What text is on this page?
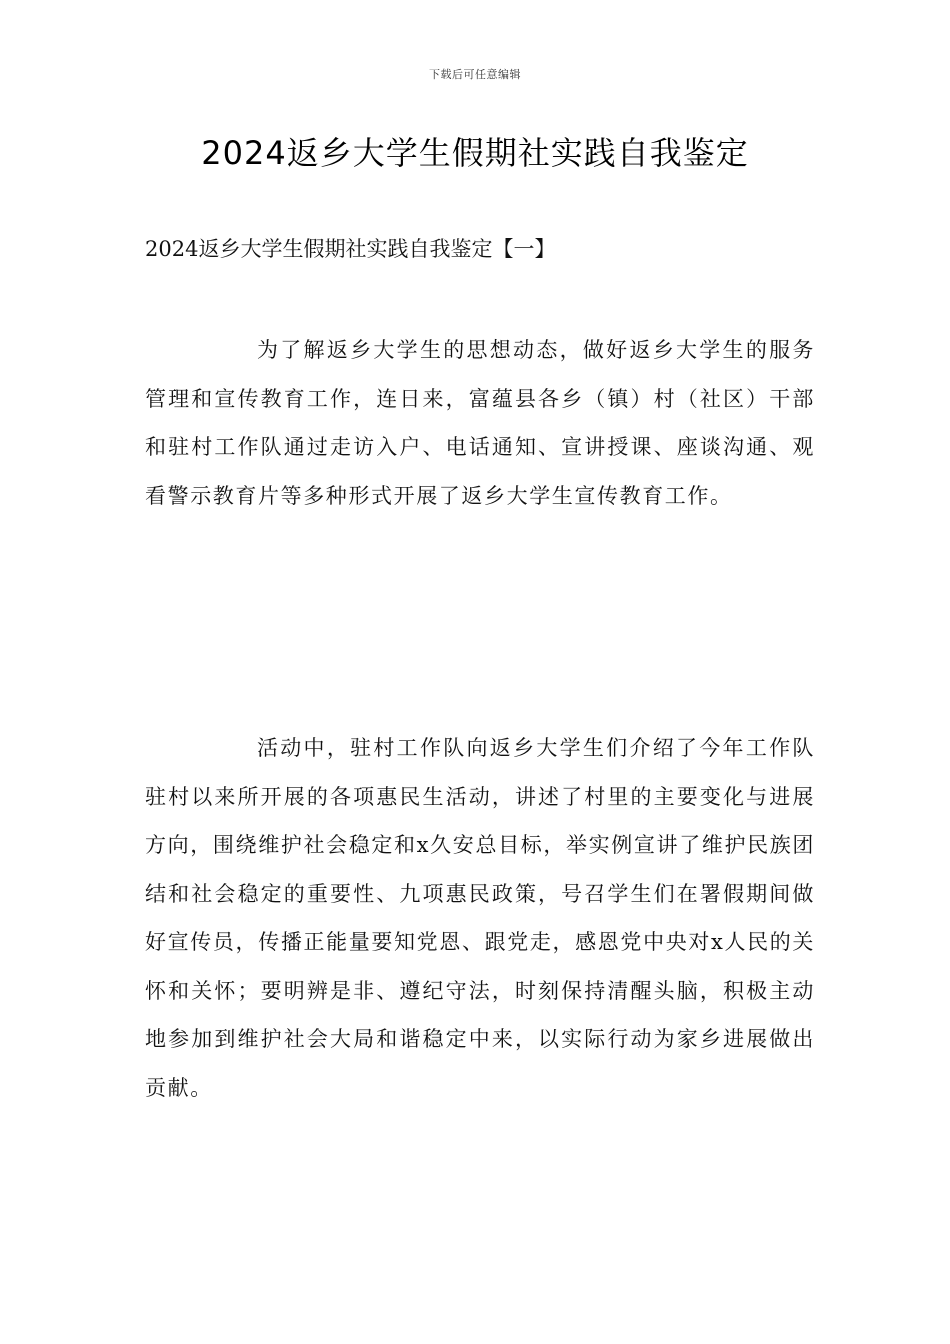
下载后可任意编辑
2024返乡大学生假期社实践自我鉴定
2024返乡大学生假期社实践自我鉴定【一】

为了解返乡大学生的思想动态，做好返乡大学生的服务管理和宣传教育工作，连日来，富蕴县各乡（镇）村（社区）干部和驻村工作队通过走访入户、电话通知、宣讲授课、座谈沟通、观看警示教育片等多种形式开展了返乡大学生宣传教育工作。

活动中，驻村工作队向返乡大学生们介绍了今年工作队驻村以来所开展的各项惠民生活动，讲述了村里的主要变化与进展方向，围绕维护社会稳定和x久安总目标，举实例宣讲了维护民族团结和社会稳定的重要性、九项惠民政策，号召学生们在署假期间做好宣传员，传播正能量要知党恩、跟党走，感恩党中央对x人民的关怀和关怀；要明辨是非、遵纪守法，时刻保持清醒头脑，积极主动地参加到维护社会大局和谐稳定中来，以实际行动为家乡进展做出贡献。
